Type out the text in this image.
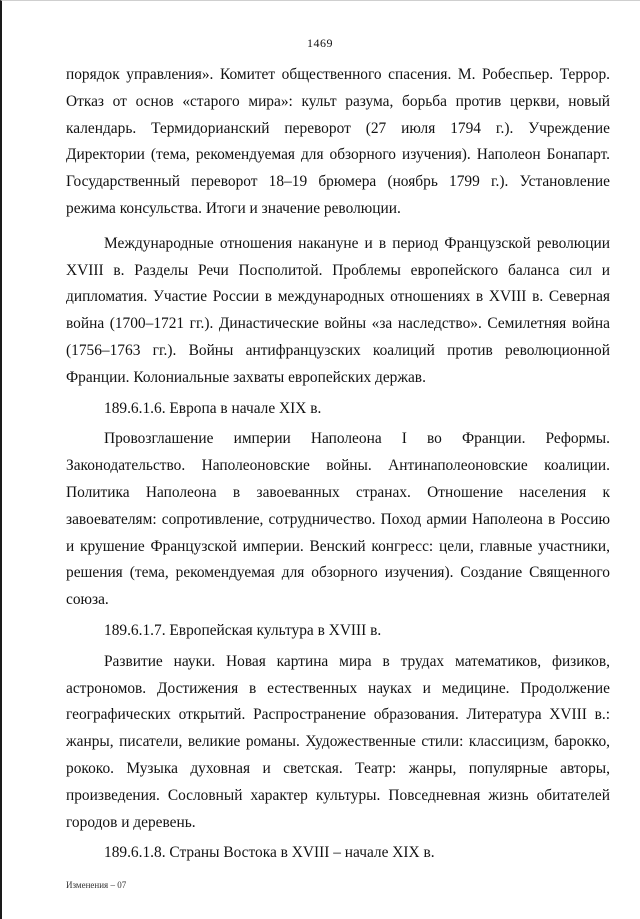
1469

порядок управления». Комитет общественного спасения. М. Робеспьер. Террор. Отказ от основ «старого мира»: культ разума, борьба против церкви, новый календарь. Термидорианский переворот (27 июля 1794 г.). Учреждение Директории (тема, рекомендуемая для обзорного изучения). Наполеон Бонапарт. Государственный переворот 18–19 брюмера (ноябрь 1799 г.). Установление режима консульства. Итоги и значение революции.

Международные отношения накануне и в период Французской революции XVIII в. Разделы Речи Посполитой. Проблемы европейского баланса сил и дипломатия. Участие России в международных отношениях в XVIII в. Северная война (1700–1721 гг.). Династические войны «за наследство». Семилетняя война (1756–1763 гг.). Войны антифранцузских коалиций против революционной Франции. Колониальные захваты европейских держав.

189.6.1.6. Европа в начале XIX в.

Провозглашение империи Наполеона I во Франции. Реформы. Законодательство. Наполеоновские войны. Антинаполеоновские коалиции. Политика Наполеона в завоеванных странах. Отношение населения к завоевателям: сопротивление, сотрудничество. Поход армии Наполеона в Россию и крушение Французской империи. Венский конгресс: цели, главные участники, решения (тема, рекомендуемая для обзорного изучения). Создание Священного союза.

189.6.1.7. Европейская культура в XVIII в.

Развитие науки. Новая картина мира в трудах математиков, физиков, астрономов. Достижения в естественных науках и медицине. Продолжение географических открытий. Распространение образования. Литература XVIII в.: жанры, писатели, великие романы. Художественные стили: классицизм, барокко, рококо. Музыка духовная и светская. Театр: жанры, популярные авторы, произведения. Сословный характер культуры. Повседневная жизнь обитателей городов и деревень.

189.6.1.8. Страны Востока в XVIII – начале XIX в.

Изменения – 07
